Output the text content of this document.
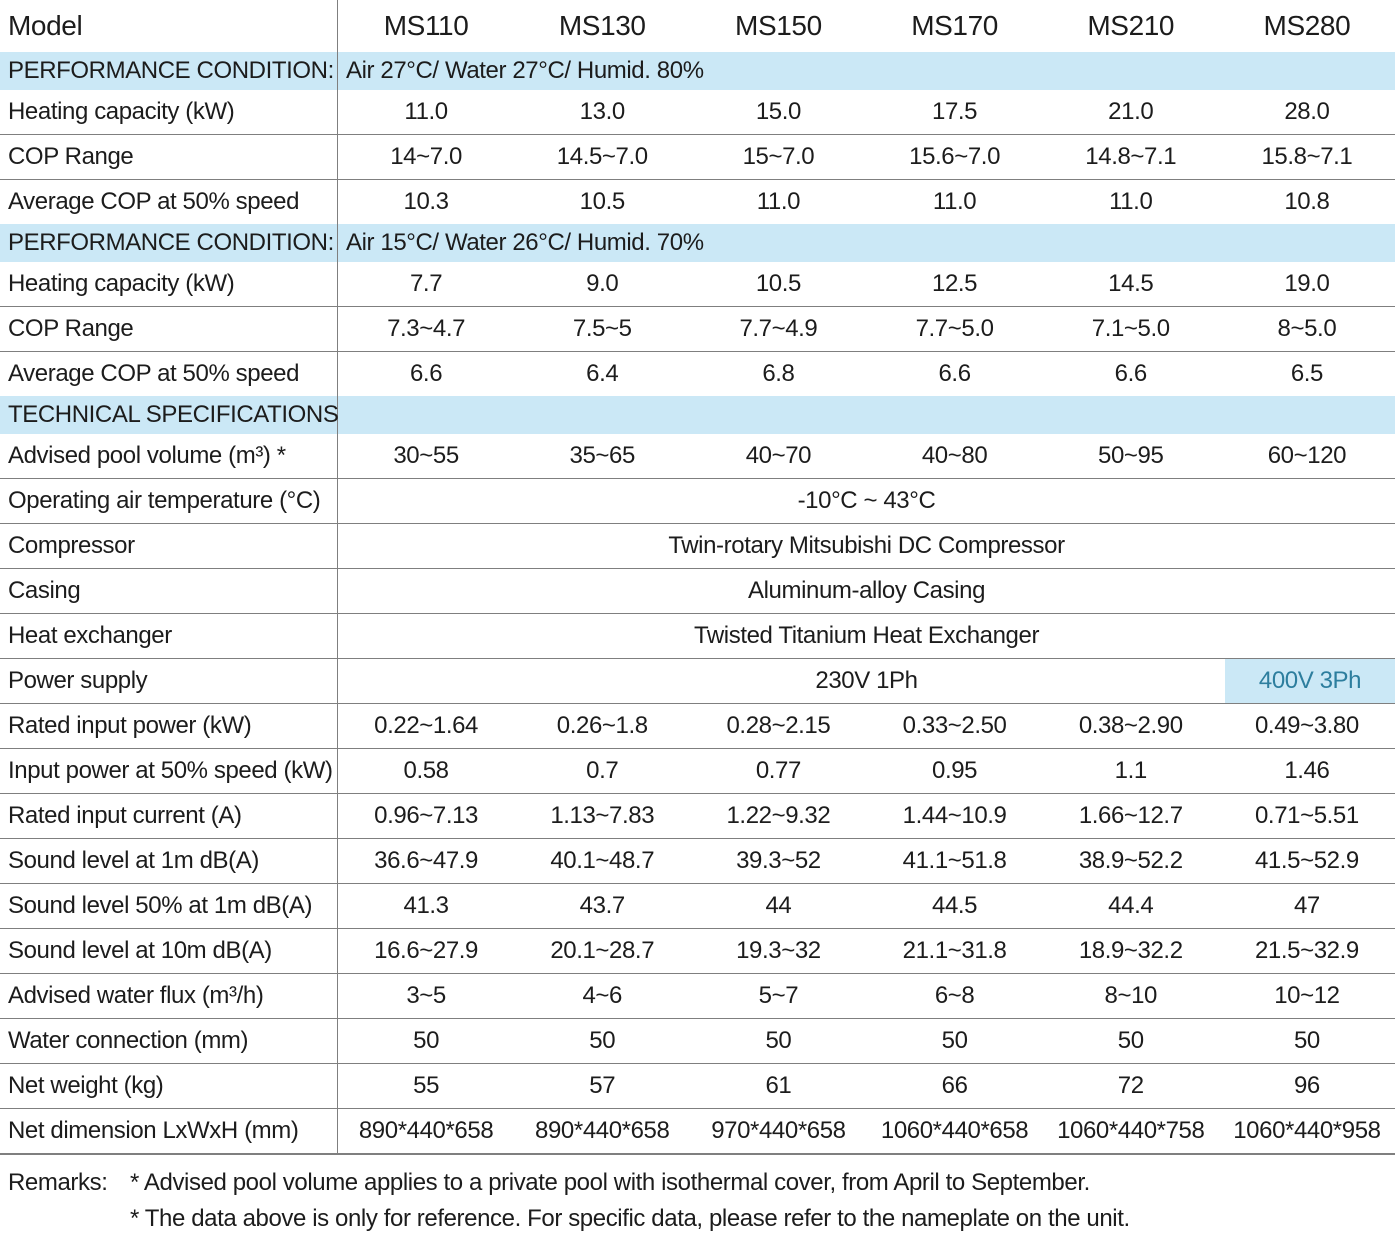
Model	MS110	MS130	MS150	MS170	MS210	MS280
PERFORMANCE CONDITION: Air 27°C/ Water 27°C/ Humid. 80%
Heating capacity (kW)	11.0	13.0	15.0	17.5	21.0	28.0
COP Range	14~7.0	14.5~7.0	15~7.0	15.6~7.0	14.8~7.1	15.8~7.1
Average COP at 50% speed	10.3	10.5	11.0	11.0	11.0	10.8
PERFORMANCE CONDITION: Air 15°C/ Water 26°C/ Humid. 70%
Heating capacity (kW)	7.7	9.0	10.5	12.5	14.5	19.0
COP Range	7.3~4.7	7.5~5	7.7~4.9	7.7~5.0	7.1~5.0	8~5.0
Average COP at 50% speed	6.6	6.4	6.8	6.6	6.6	6.5
TECHNICAL SPECIFICATIONS
Advised pool volume (m³) *	30~55	35~65	40~70	40~80	50~95	60~120
Operating air temperature (°C)	-10°C ~ 43°C
Compressor	Twin-rotary Mitsubishi DC Compressor
Casing	Aluminum-alloy Casing
Heat exchanger	Twisted Titanium Heat Exchanger
Power supply	230V 1Ph	400V 3Ph
Rated input power (kW)	0.22~1.64	0.26~1.8	0.28~2.15	0.33~2.50	0.38~2.90	0.49~3.80
Input power at 50% speed (kW)	0.58	0.7	0.77	0.95	1.1	1.46
Rated input current (A)	0.96~7.13	1.13~7.83	1.22~9.32	1.44~10.9	1.66~12.7	0.71~5.51
Sound level at 1m dB(A)	36.6~47.9	40.1~48.7	39.3~52	41.1~51.8	38.9~52.2	41.5~52.9
Sound level 50% at 1m dB(A)	41.3	43.7	44	44.5	44.4	47
Sound level at 10m dB(A)	16.6~27.9	20.1~28.7	19.3~32	21.1~31.8	18.9~32.2	21.5~32.9
Advised water flux (m³/h)	3~5	4~6	5~7	6~8	8~10	10~12
Water connection (mm)	50	50	50	50	50	50
Net weight (kg)	55	57	61	66	72	96
Net dimension LxWxH (mm)	890*440*658	890*440*658	970*440*658	1060*440*658	1060*440*758	1060*440*958
Remarks: * Advised pool volume applies to a private pool with isothermal cover, from April to September.
* The data above is only for reference. For specific data, please refer to the nameplate on the unit.
